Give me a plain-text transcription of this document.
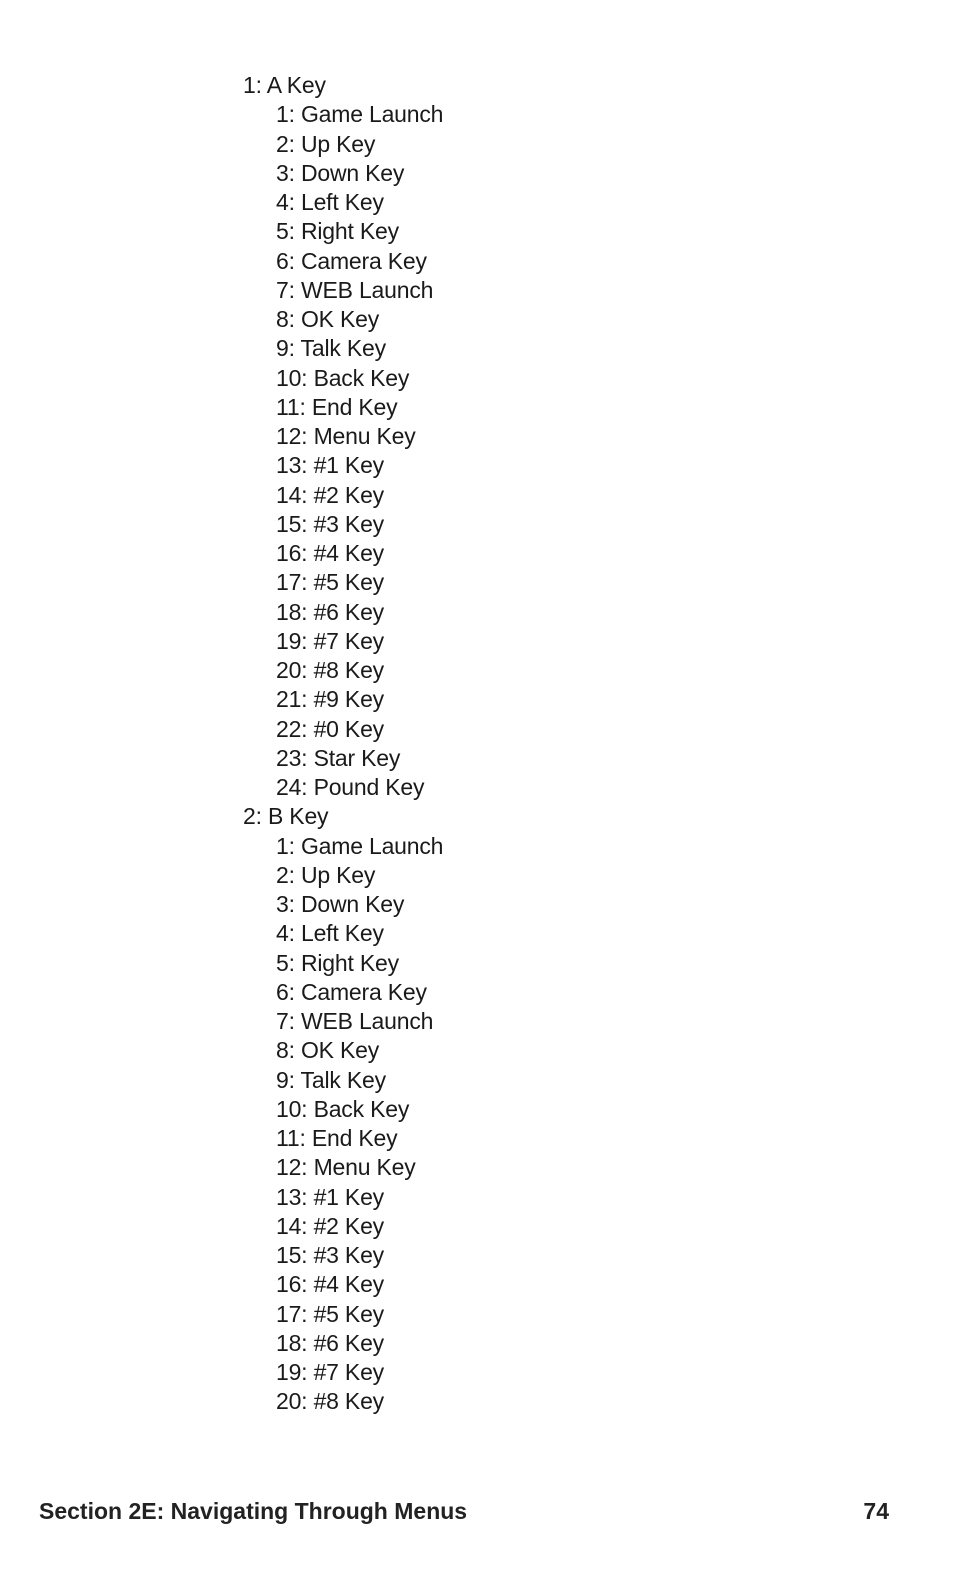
1: A Key
1: Game Launch
2: Up Key
3: Down Key
4: Left Key
5: Right Key
6: Camera Key
7: WEB Launch
8: OK Key
9: Talk Key
10: Back Key
11: End Key
12: Menu Key
13: #1 Key
14: #2 Key
15: #3 Key
16: #4 Key
17: #5 Key
18: #6 Key
19: #7 Key
20: #8 Key
21: #9 Key
22: #0 Key
23: Star Key
24: Pound Key
2: B Key
1: Game Launch
2: Up Key
3: Down Key
4: Left Key
5: Right Key
6: Camera Key
7: WEB Launch
8: OK Key
9: Talk Key
10: Back Key
11: End Key
12: Menu Key
13: #1 Key
14: #2 Key
15: #3 Key
16: #4 Key
17: #5 Key
18: #6 Key
19: #7 Key
20: #8 Key
Section 2E: Navigating Through Menus	74
